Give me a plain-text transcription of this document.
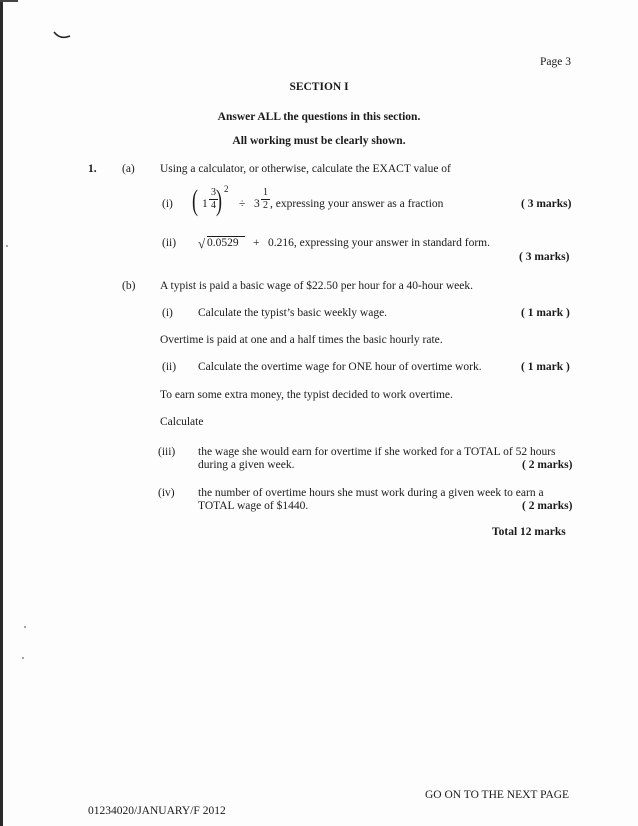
Page 3
SECTION I
Answer ALL the questions in this section.
All working must be clearly shown.
1. (a) Using a calculator, or otherwise, calculate the EXACT value of
(i) ( 1
3
4 ) 2
÷ 3
1
2 , expressing your answer as a fraction	( 3 marks)
(ii) √ 0.0529 + 0.216, expressing your answer in standard form.
( 3 marks)
(b) A typist is paid a basic wage of $22.50 per hour for a 40-hour week.
(i) Calculate the typist’s basic weekly wage.	( 1 mark )
Overtime is paid at one and a half times the basic hourly rate.
(ii) Calculate the overtime wage for ONE hour of overtime work.	( 1 mark )
To earn some extra money, the typist decided to work overtime.
Calculate
(iii) the wage she would earn for overtime if she worked for a TOTAL of 52 hours
during a given week.	( 2 marks)
(iv) the number of overtime hours she must work during a given week to earn a
TOTAL wage of $1440.	( 2 marks)
Total 12 marks
GO ON TO THE NEXT PAGE
01234020/JANUARY/F 2012
